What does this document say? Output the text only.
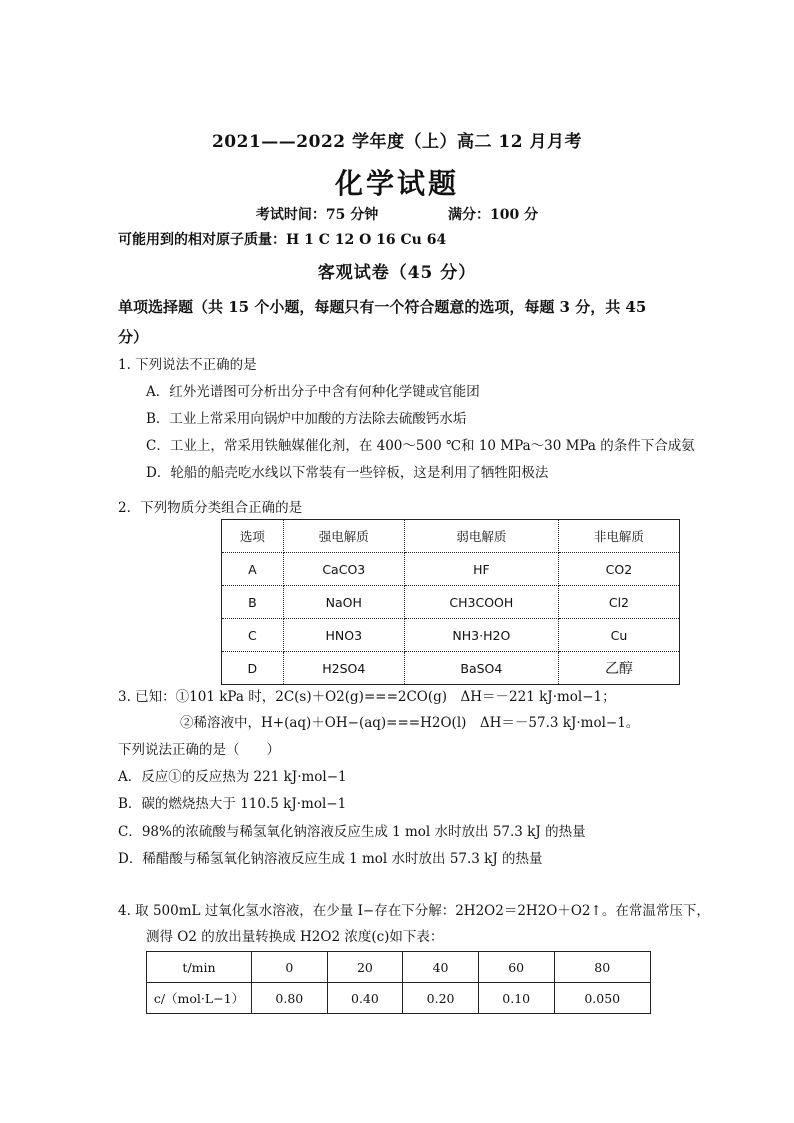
2021——2022 学年度（上）高二 12 月月考
化学试题
考试时间：75 分钟	满分：100 分
可能用到的相对原子质量：H 1 C 12 O 16 Cu 64
客观试卷（45 分）
单项选择题（共 15 个小题，每题只有一个符合题意的选项，每题 3 分，共 45
分）
1. 下列说法不正确的是
A．红外光谱图可分析出分子中含有何种化学键或官能团
B．工业上常采用向锅炉中加酸的方法除去硫酸钙水垢
C．工业上，常采用铁触媒催化剂，在 400～500 ℃和 10 MPa～30 MPa 的条件下合成氨
D．轮船的船壳吃水线以下常装有一些锌板，这是利用了牺牲阳极法
2．下列物质分类组合正确的是
选项	强电解质	弱电解质	非电解质
A	CaCO3	HF	CO2
B	NaOH	CH3COOH	Cl2
C	HNO3	NH3·H2O	Cu
D	H2SO4	BaSO4	乙醇
3. 已知：①101 kPa 时，2C(s)＋O2(g)===2CO(g)　ΔH＝－221 kJ·mol−1；
②稀溶液中，H+(aq)＋OH−(aq)===H2O(l)　ΔH＝－57.3 kJ·mol−1。
下列说法正确的是（　　）
A．反应①的反应热为 221 kJ·mol−1
B．碳的燃烧热大于 110.5 kJ·mol−1
C．98%的浓硫酸与稀氢氧化钠溶液反应生成 1 mol 水时放出 57.3 kJ 的热量
D．稀醋酸与稀氢氧化钠溶液反应生成 1 mol 水时放出 57.3 kJ 的热量
4. 取 500mL 过氧化氢水溶液，在少量 I−存在下分解：2H2O2＝2H2O＋O2↑。在常温常压下，
测得 O2 的放出量转换成 H2O2 浓度(c)如下表：
t/min	0	20	40	60	80
c/（mol·L−1）	0.80	0.40	0.20	0.10	0.050
